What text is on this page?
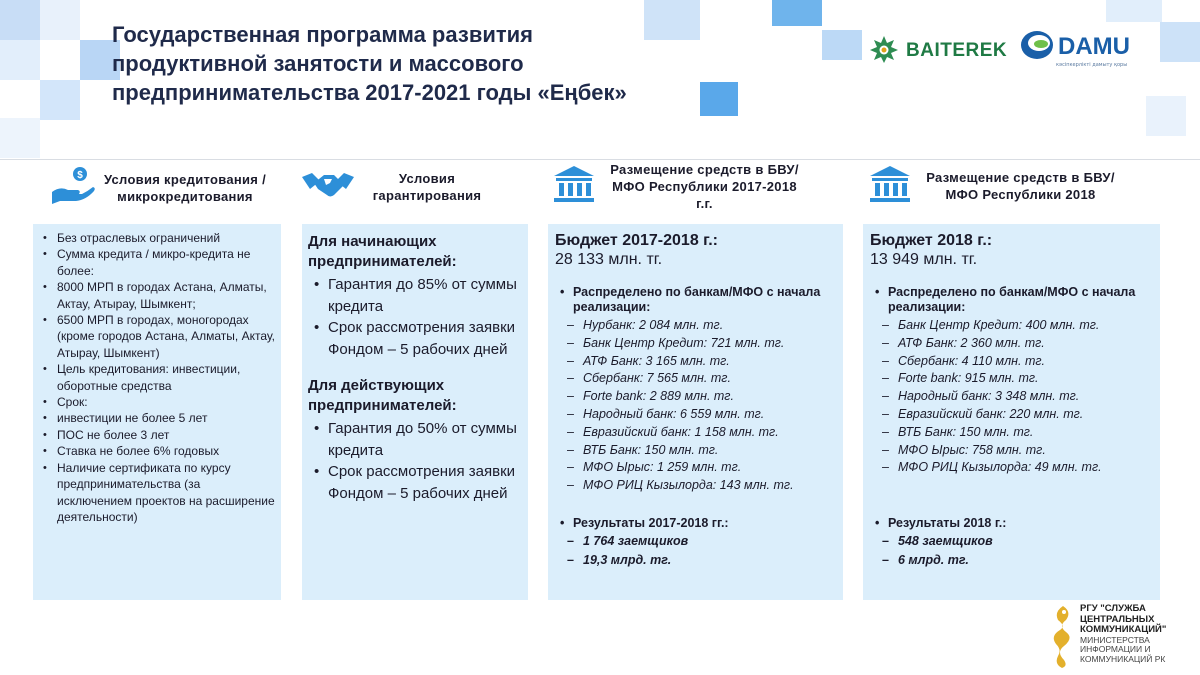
Государственная программа развития продуктивной занятости и массового предпринимательства 2017-2021 годы «Еңбек»
BAITEREK DAMU
кәсіпкерлікті дамыту қоры
$	Условия кредитования / микрокредитования
Условия гарантирования
Размещение средств в БВУ/МФО Республики 2017-2018 г.г.
Размещение средств в БВУ/МФО Республики 2018
• Без отраслевых ограничений
• Сумма кредита / микро-кредита не более:
• 8000 МРП в городах Астана, Алматы, Актау, Атырау, Шымкент;
• 6500 МРП в городах, моногородах (кроме городов Астана, Алматы, Актау, Атырау, Шымкент)
• Цель кредитования: инвестиции, оборотные средства
• Срок:
• инвестиции не более 5 лет
• ПОС не более 3 лет
• Ставка не более 6% годовых
• Наличие сертификата по курсу предпринимательства (за исключением проектов на расширение деятельности)
Для начинающих предпринимателей:
• Гарантия до 85% от суммы кредита
• Срок рассмотрения заявки Фондом – 5 рабочих дней
Для действующих предпринимателей:
• Гарантия до 50% от суммы кредита
• Срок рассмотрения заявки Фондом – 5 рабочих дней
Бюджет 2017-2018 г.:
28 133 млн. тг.
• Распределено по банкам/МФО с начала реализации:
– Нурбанк: 2 084 млн. тг.
– Банк Центр Кредит: 721 млн. тг.
– АТФ Банк: 3 165 млн. тг.
– Сбербанк: 7 565 млн. тг.
– Forte bank: 2 889 млн. тг.
– Народный банк: 6 559 млн. тг.
– Евразийский банк: 1 158 млн. тг.
– ВТБ Банк: 150 млн. тг.
– МФО Ырыс: 1 259 млн. тг.
– МФО РИЦ Кызылорда: 143 млн. тг.
• Результаты 2017-2018 гг.:
– 1 764 заемщиков
– 19,3 млрд. тг.
Бюджет 2018 г.:
13 949 млн. тг.
• Распределено по банкам/МФО с начала реализации:
– Банк Центр Кредит: 400 млн. тг.
– АТФ Банк: 2 360 млн. тг.
– Сбербанк: 4 110 млн. тг.
– Forte bank: 915 млн. тг.
– Народный банк: 3 348 млн. тг.
– Евразийский банк: 220 млн. тг.
– ВТБ Банк: 150 млн. тг.
– МФО Ырыс: 758 млн. тг.
– МФО РИЦ Кызылорда: 49 млн. тг.
• Результаты 2018 г.:
– 548 заемщиков
– 6 млрд. тг.
РГУ "СЛУЖБА ЦЕНТРАЛЬНЫХ КОММУНИКАЦИЙ"
МИНИСТЕРСТВА ИНФОРМАЦИИ И КОММУНИКАЦИЙ РК
